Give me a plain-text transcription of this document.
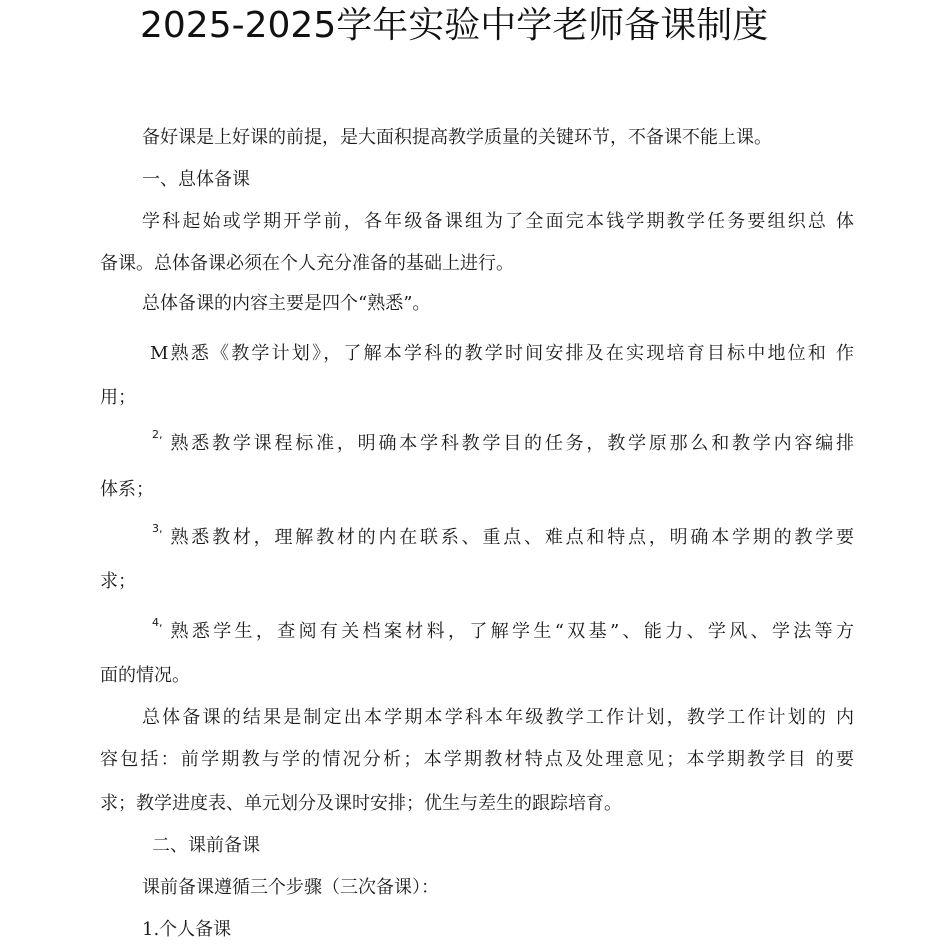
2025-2025学年实验中学老师备课制度
备好课是上好课的前提，是大面积提高教学质量的关键环节，不备课不能上课。
一、息体备课
学科起始或学期开学前，各年级备课组为了全面完本钱学期教学任务要组织总 体
备课。总体备课必须在个人充分准备的基础上进行。
总体备课的内容主要是四个“熟悉”。
M熟悉《教学计划》，了解本学科的教学时间安排及在实现培育目标中地位和 作
用；
2, 熟悉教学课程标准，明确本学科教学目的任务，教学原那么和教学内容编排
体系；
3, 熟悉教材，理解教材的内在联系、重点、难点和特点，明确本学期的教学要
求；
4, 熟悉学生，查阅有关档案材料，了解学生“双基”、能力、学风、学法等方
面的情况。
总体备课的结果是制定出本学期本学科本年级教学工作计划，教学工作计划的 内
容包括：前学期教与学的情况分析；本学期教材特点及处理意见；本学期教学目 的要
求；教学进度表、单元划分及课时安排；优生与差生的跟踪培育。
二、课前备课
课前备课遵循三个步骤（三次备课）：
1.个人备课
